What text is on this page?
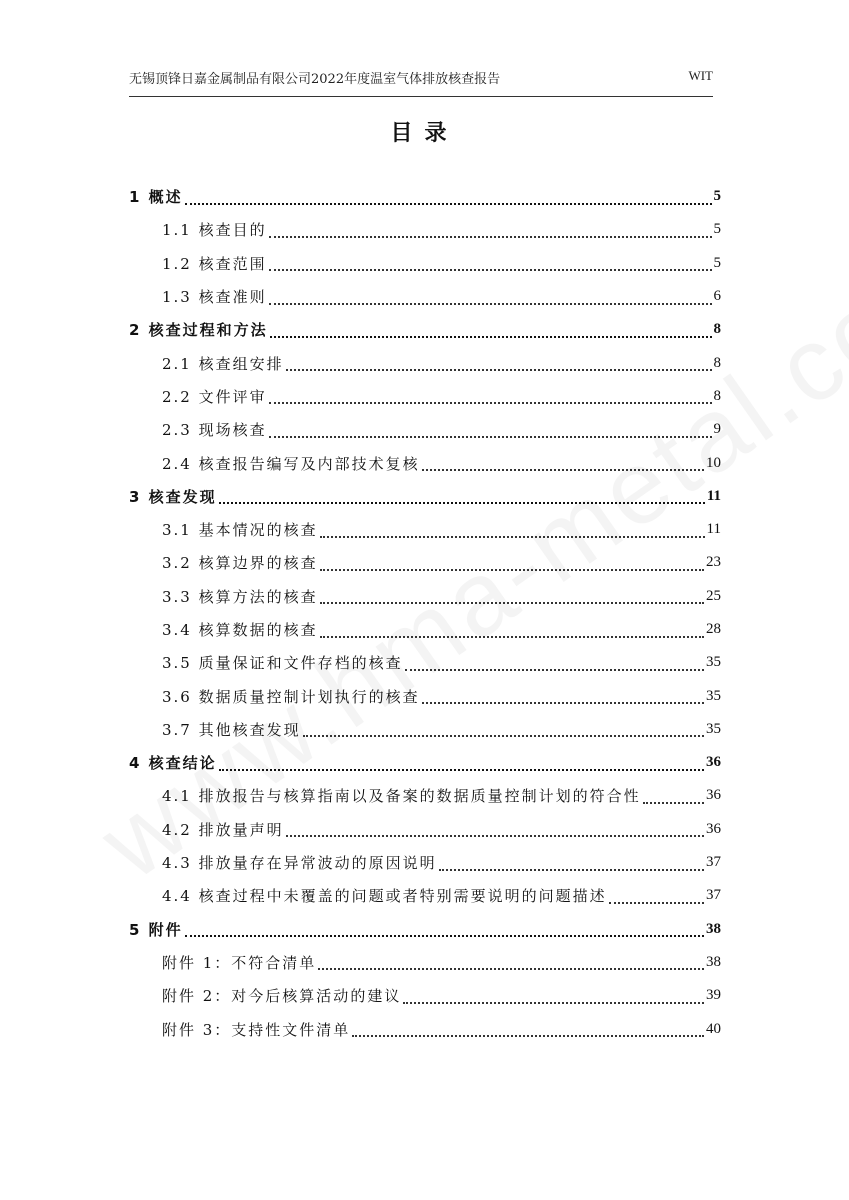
无锡顶锋日嘉金属制品有限公司2022年度温室气体排放核查报告	WIT
目录
1 概述	5
1.1 核查目的	5
1.2 核查范围	5
1.3 核查准则	6
2 核查过程和方法	8
2.1 核查组安排	8
2.2 文件评审	8
2.3 现场核查	9
2.4 核查报告编写及内部技术复核	10
3 核查发现	11
3.1 基本情况的核查	11
3.2 核算边界的核查	23
3.3 核算方法的核查	25
3.4 核算数据的核查	28
3.5 质量保证和文件存档的核查	35
3.6 数据质量控制计划执行的核查	35
3.7 其他核查发现	35
4 核查结论	36
4.1 排放报告与核算指南以及备案的数据质量控制计划的符合性	36
4.2 排放量声明	36
4.3 排放量存在异常波动的原因说明	37
4.4 核查过程中未覆盖的问题或者特别需要说明的问题描述	37
5 附件	38
附件 1：不符合清单	38
附件 2：对今后核算活动的建议	39
附件 3：支持性文件清单	40
